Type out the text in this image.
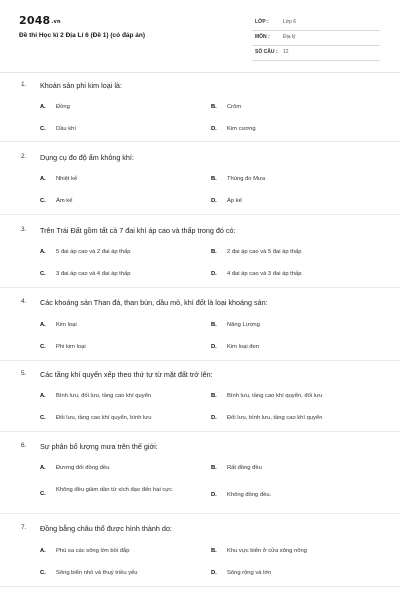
2048.vn
Đề thi Học kì 2 Địa Lí 6 (Đề 1) (có đáp án)
LỚP :	Lớp 6
MÔN :	Địa lý
SỐ CÂU : 12
1. Khoản sản phi kim loại là:
A. Đồng	B. Crôm
C. Dầu khí	D. Kim cương
2. Dụng cụ đo độ ẩm không khí:
A. Nhiệt kế	B. Thùng đo Mưa
C. Ẩm kế	D. Áp kế
3. Trên Trái Đất gồm tất cả 7 đai khí áp cao và thấp trong đó có:
A. 5 đai áp cao và 2 đai áp thấp	B. 2 đai áp cao và 5 đai áp thấp
C. 3 đai áp cao và 4 đai áp thấp	D. 4 đai áp cao và 3 đai áp thấp
4. Các khoáng sản Than đá, than bùn, dầu mỏ, khí đốt là loại khoáng sản:
A. Kim loại	B. Năng Lượng
C. Phi kim loại	D. Kim loại đen
5. Các tầng khí quyển xếp theo thứ tự từ mặt đất trở lên:
A. Bình lưu, đối lưu, tầng cao khí quyển	B. Bình lưu, tầng cao khí quyển, đối lưu
C. Đối lưu, tầng cao khí quyển, bình lưu	D. Đối lưu, bình lưu, tầng cao khí quyển
6. Sự phân bố lượng mưa trên thế giới:
A. Đương đối đồng đều	B. Rất đồng đều
C.
Không đều giảm dần từ xích đạo đến hai cực
D. Không đồng đều.
7. Đồng bằng châu thổ được hình thành do:
A. Phù sa các sông lớn bồi đắp	B. Khu vực biển ở cửa sông nông
C. Sông biển nhỏ và thuỷ triều yếu	D. Sông rộng và lớn
